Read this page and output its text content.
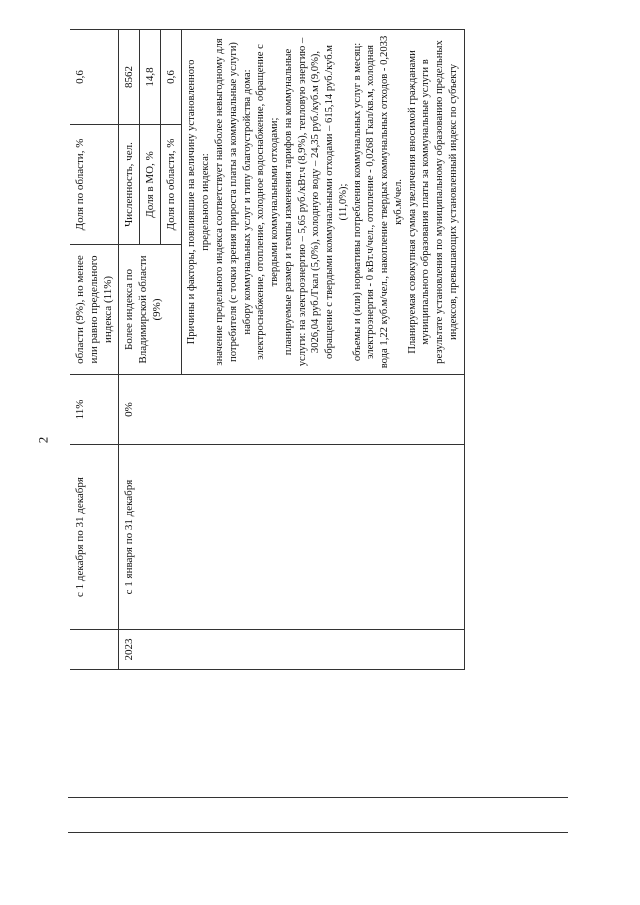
2
	с 1 декабря по 31 декабря	11%	области (9%), но менее или равно предельного индекса (11%)	Доля по области, %	0,6
2023	с 1 января по 31 декабря	0%	Более индекса по Владимирской области (9%)	Численность, чел.	8562
				Доля в МО, %	14,8
				Доля по области, %	0,6

			Причины и факторы, повлиявшие на величину установленного предельного индекса: значение предельного индекса соответствует наиболее невыгодному для потребителя (с точки зрения прироста платы за коммунальные услуги) набору коммунальных услуг и типу благоустройства дома: электроснабжение, отопление, холодное водоснабжение, обращение с твердыми коммунальными отходами; планируемые размер и темпы изменения тарифов на коммунальные услуги: на электроэнергию – 5,65 руб./кВт.ч (8,9%), тепловую энергию – 3026,04 руб./Гкал (5,0%), холодную воду – 24,35 руб./куб.м (9,0%), обращение с твердыми коммунальными отходами – 615,14 руб./куб.м (11,0%); объемы и (или) нормативы потребления коммунальных услуг в месяц: электроэнергия - 0 кВт.ч/чел., отопление - 0,0268 Гкал/кв.м, холодная вода 1,22 куб.м/чел., накопление твердых коммунальных отходов - 0,2033 куб.м/чел. Планируемая совокупная сумма увеличения вносимой гражданами муниципального образования платы за коммунальные услуги в результате установления по муниципальному образованию предельных индексов, превышающих установленный индекс по субъекту		
